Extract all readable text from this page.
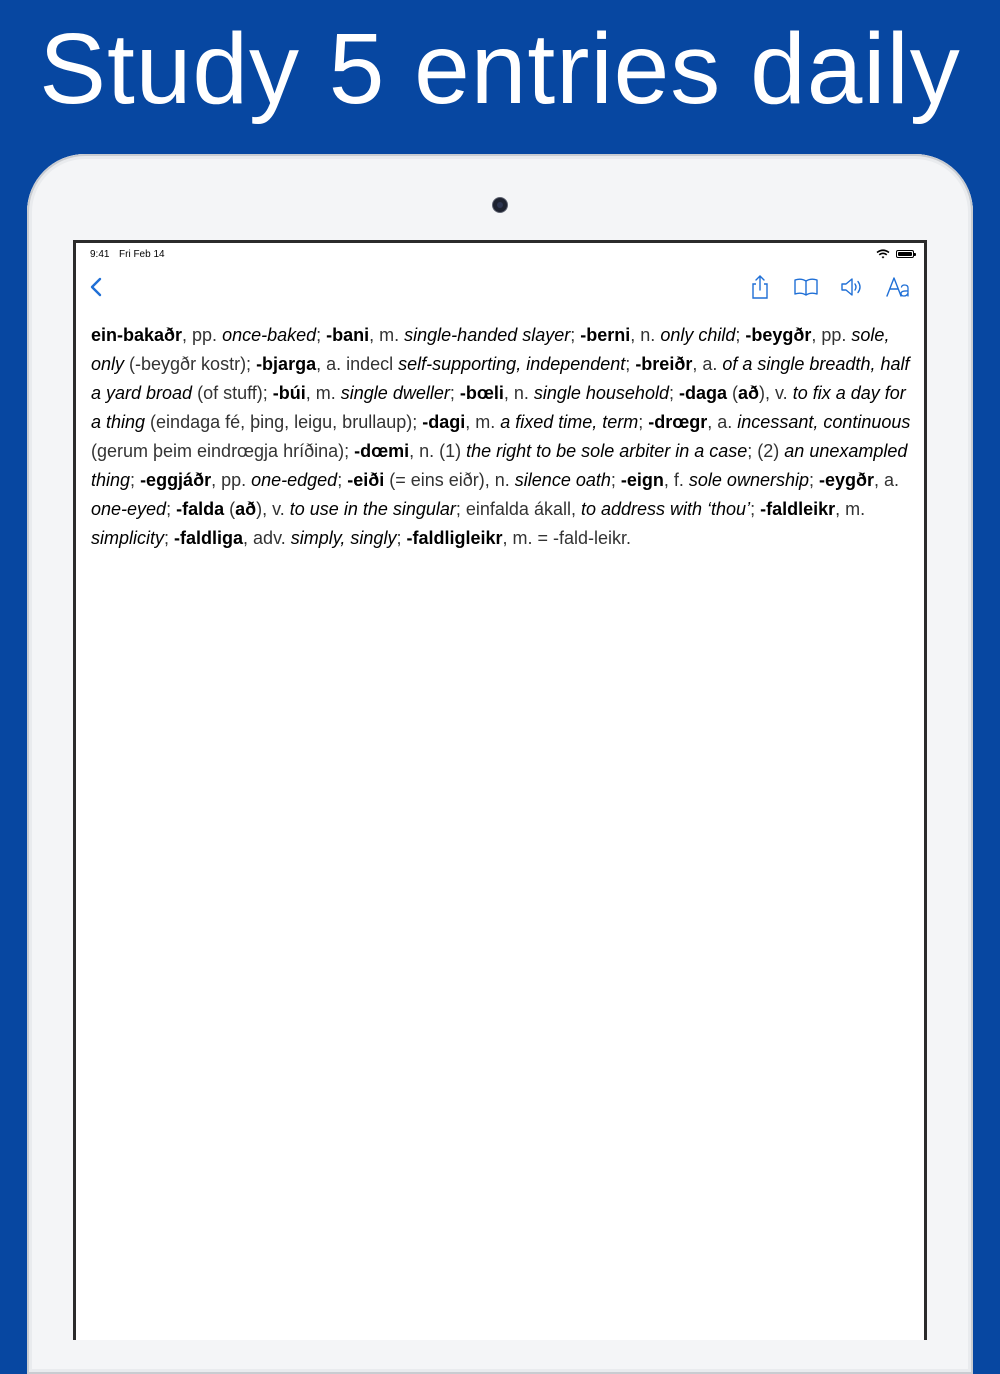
Study 5 entries daily
9:41 Fri Feb 14
ein-bakaðr, pp. once-baked; -bani, m. single-handed slayer; -berni, n. only child; -beygðr, pp. sole, only (-beygðr kostr); -bjarga, a. indecl self-supporting, independent; -breiðr, a. of a single breadth, half a yard broad (of stuff); -búi, m. single dweller; -bœli, n. single household; -daga (að), v. to fix a day for a thing (eindaga fé, þing, leigu, brullaup); -dagi, m. a fixed time, term; -drœgr, a. incessant, continuous (gerum þeim eindrœgja hríðina); -dœmi, n. (1) the right to be sole arbiter in a case; (2) an unexampled thing; -eggjáðr, pp. one-edged; -eiði (= eins eiðr), n. silence oath; -eign, f. sole ownership; -eygðr, a. one-eyed; -falda (að), v. to use in the singular; einfalda ákall, to address with ‘thou’; -faldleikr, m. simplicity; -faldliga, adv. simply, singly; -faldligleikr, m. = -fald-leikr.
